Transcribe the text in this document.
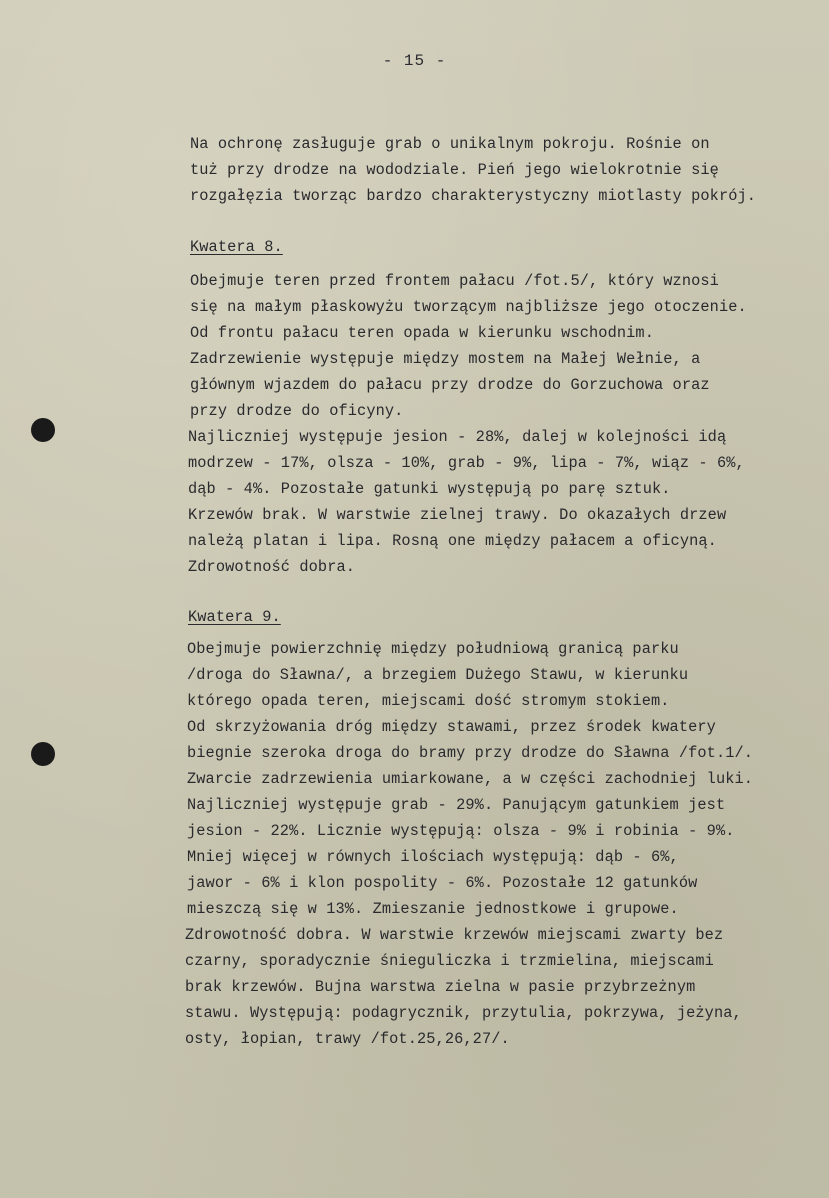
- 15 -
Na ochronę zasługuje grab o unikalnym pokroju. Rośnie on
tuż przy drodze na wododziale. Pień jego wielokrotnie się
rozgałęzia tworząc bardzo charakterystyczny miotlasty pokrój.
Kwatera 8.
Obejmuje teren przed frontem pałacu /fot.5/, który wznosi
się na małym płaskowyżu tworzącym najbliższe jego otoczenie.
Od frontu pałacu teren opada w kierunku wschodnim.
Zadrzewienie występuje między mostem na Małej Wełnie, a
głównym wjazdem do pałacu przy drodze do Gorzuchowa oraz
przy drodze do oficyny.
Najliczniej występuje jesion - 28%, dalej w kolejności idą
modrzew - 17%, olsza - 10%, grab - 9%, lipa - 7%, wiąz - 6%,
dąb - 4%. Pozostałe gatunki występują po parę sztuk.
Krzewów brak. W warstwie zielnej trawy. Do okazałych drzew
należą platan i lipa. Rosną one między pałacem a oficyną.
Zdrowotność dobra.
Kwatera 9.
Obejmuje powierzchnię między południową granicą parku
/droga do Sławna/, a brzegiem Dużego Stawu, w kierunku
którego opada teren, miejscami dość stromym stokiem.
Od skrzyżowania dróg między stawami, przez środek kwatery
biegnie szeroka droga do bramy przy drodze do Sławna /fot.1/.
Zwarcie zadrzewienia umiarkowane, a w części zachodniej luki.
Najliczniej występuje grab - 29%. Panującym gatunkiem jest
jesion - 22%. Licznie występują: olsza - 9% i robinia - 9%.
Mniej więcej w równych ilościach występują: dąb - 6%,
jawor - 6% i klon pospolity - 6%. Pozostałe 12 gatunków
mieszczą się w 13%. Zmieszanie jednostkowe i grupowe.
Zdrowotność dobra. W warstwie krzewów miejscami zwarty bez
czarny, sporadycznie śnieguliczka i trzmielina, miejscami
brak krzewów. Bujna warstwa zielna w pasie przybrzeżnym
stawu. Występują: podagrycznik, przytulia, pokrzywa, jeżyna,
osty, łopian, trawy /fot.25,26,27/.
